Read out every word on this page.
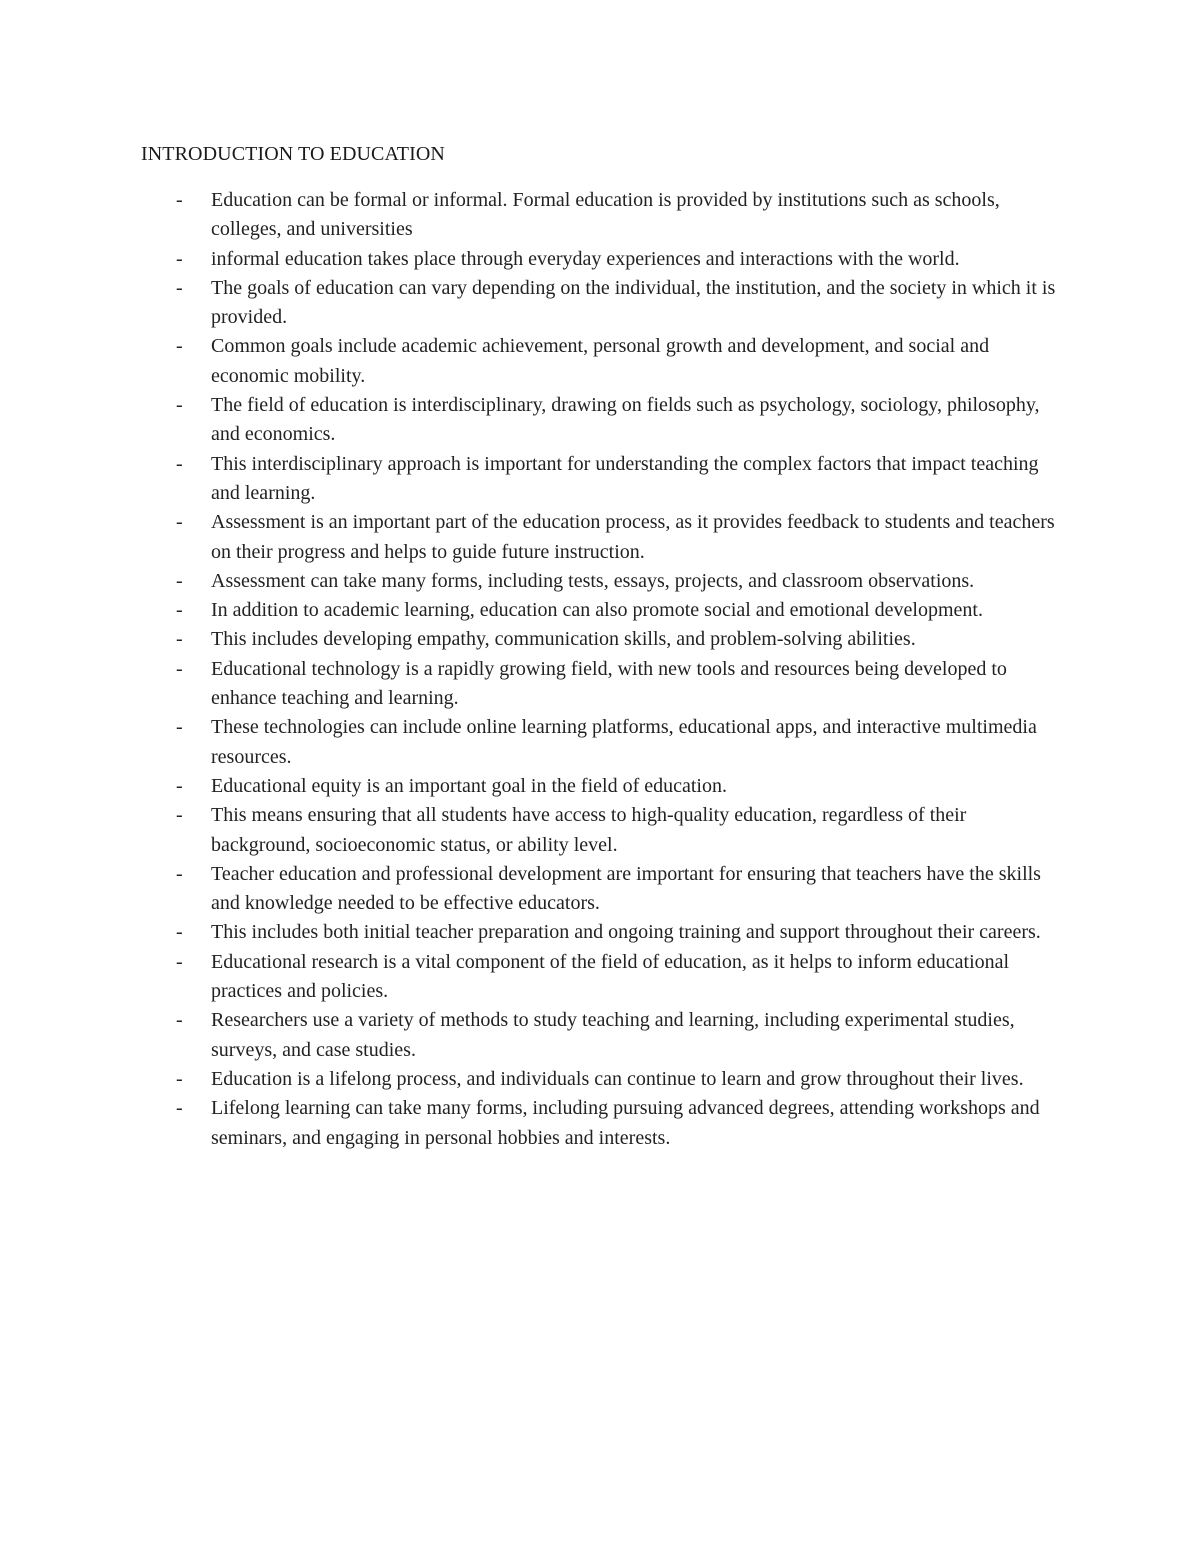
INTRODUCTION TO EDUCATION
- Education can be formal or informal. Formal education is provided by institutions such as schools, colleges, and universities
- informal education takes place through everyday experiences and interactions with the world.
- The goals of education can vary depending on the individual, the institution, and the society in which it is provided.
- Common goals include academic achievement, personal growth and development, and social and economic mobility.
- The field of education is interdisciplinary, drawing on fields such as psychology, sociology, philosophy, and economics.
- This interdisciplinary approach is important for understanding the complex factors that impact teaching and learning.
- Assessment is an important part of the education process, as it provides feedback to students and teachers on their progress and helps to guide future instruction.
- Assessment can take many forms, including tests, essays, projects, and classroom observations.
- In addition to academic learning, education can also promote social and emotional development.
- This includes developing empathy, communication skills, and problem-solving abilities.
- Educational technology is a rapidly growing field, with new tools and resources being developed to enhance teaching and learning.
- These technologies can include online learning platforms, educational apps, and interactive multimedia resources.
- Educational equity is an important goal in the field of education.
- This means ensuring that all students have access to high-quality education, regardless of their background, socioeconomic status, or ability level.
- Teacher education and professional development are important for ensuring that teachers have the skills and knowledge needed to be effective educators.
- This includes both initial teacher preparation and ongoing training and support throughout their careers.
- Educational research is a vital component of the field of education, as it helps to inform educational practices and policies.
- Researchers use a variety of methods to study teaching and learning, including experimental studies, surveys, and case studies.
- Education is a lifelong process, and individuals can continue to learn and grow throughout their lives.
- Lifelong learning can take many forms, including pursuing advanced degrees, attending workshops and seminars, and engaging in personal hobbies and interests.
